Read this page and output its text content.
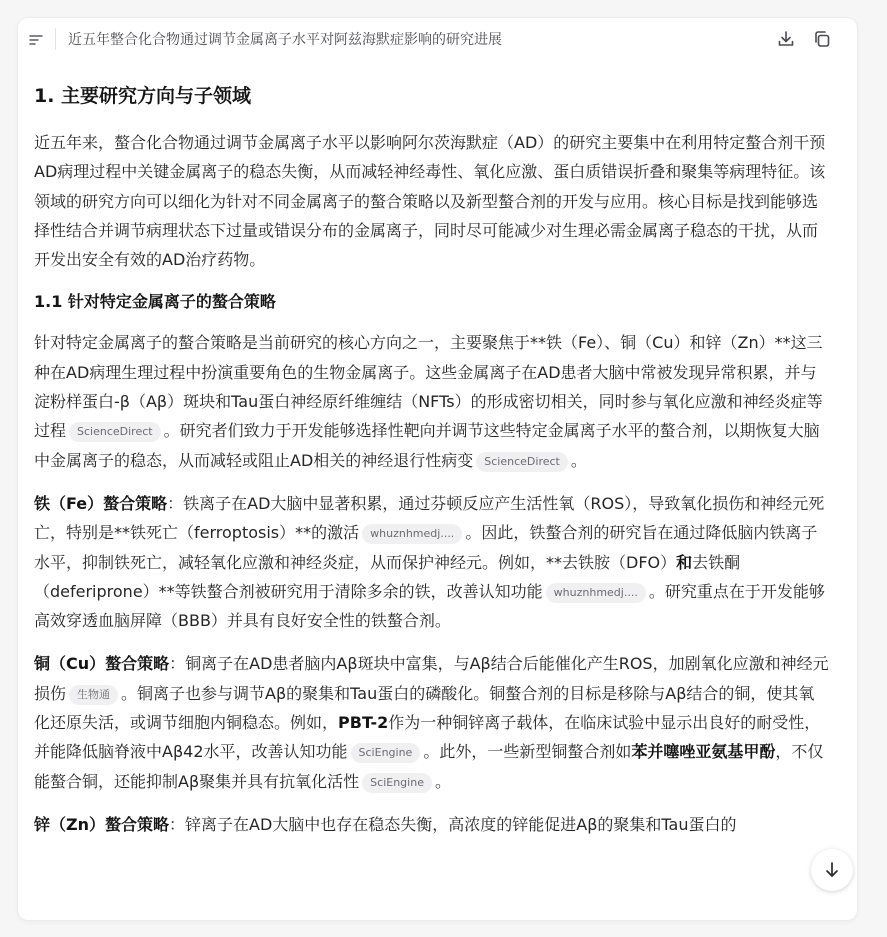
近五年整合化合物通过调节金属离子水平对阿兹海默症影响的研究进展
1. 主要研究方向与子领域

近五年来，螯合化合物通过调节金属离子水平以影响阿尔茨海默症（AD）的研究主要集中在利用特定螯合剂干预AD病理过程中关键金属离子的稳态失衡，从而减轻神经毒性、氧化应激、蛋白质错误折叠和聚集等病理特征。该领域的研究方向可以细化为针对不同金属离子的螯合策略以及新型螯合剂的开发与应用。核心目标是找到能够选择性结合并调节病理状态下过量或错误分布的金属离子，同时尽可能减少对生理必需金属离子稳态的干扰，从而开发出安全有效的AD治疗药物。

1.1 针对特定金属离子的螯合策略

针对特定金属离子的螯合策略是当前研究的核心方向之一，主要聚焦于**铁（Fe）、铜（Cu）和锌（Zn）**这三种在AD病理生理过程中扮演重要角色的生物金属离子。这些金属离子在AD患者大脑中常被发现异常积累，并与淀粉样蛋白-β（Aβ）斑块和Tau蛋白神经原纤维缠结（NFTs）的形成密切相关，同时参与氧化应激和神经炎症等过程 ScienceDirect 。研究者们致力于开发能够选择性靶向并调节这些特定金属离子水平的螯合剂，以期恢复大脑中金属离子的稳态，从而减轻或阻止AD相关的神经退行性病变 ScienceDirect 。

铁（Fe）螯合策略：铁离子在AD大脑中显著积累，通过芬顿反应产生活性氧（ROS），导致氧化损伤和神经元死亡，特别是**铁死亡（ferroptosis）**的激活 whuznhmedj.... 。因此，铁螯合剂的研究旨在通过降低脑内铁离子水平，抑制铁死亡，减轻氧化应激和神经炎症，从而保护神经元。例如，**去铁胺（DFO）和去铁酮（deferiprone）**等铁螯合剂被研究用于清除多余的铁，改善认知功能 whuznhmedj.... 。研究重点在于开发能够高效穿透血脑屏障（BBB）并具有良好安全性的铁螯合剂。

铜（Cu）螯合策略：铜离子在AD患者脑内Aβ斑块中富集，与Aβ结合后能催化产生ROS，加剧氧化应激和神经元损伤 生物通 。铜离子也参与调节Aβ的聚集和Tau蛋白的磷酸化。铜螯合剂的目标是移除与Aβ结合的铜，使其氧化还原失活，或调节细胞内铜稳态。例如，PBT-2作为一种铜锌离子载体，在临床试验中显示出良好的耐受性，并能降低脑脊液中Aβ42水平，改善认知功能 SciEngine 。此外，一些新型铜螯合剂如苯并噻唑亚氨基甲酚，不仅能螯合铜，还能抑制Aβ聚集并具有抗氧化活性 SciEngine 。

锌（Zn）螯合策略：锌离子在AD大脑中也存在稳态失衡，高浓度的锌能促进Aβ的聚集和Tau蛋白的
